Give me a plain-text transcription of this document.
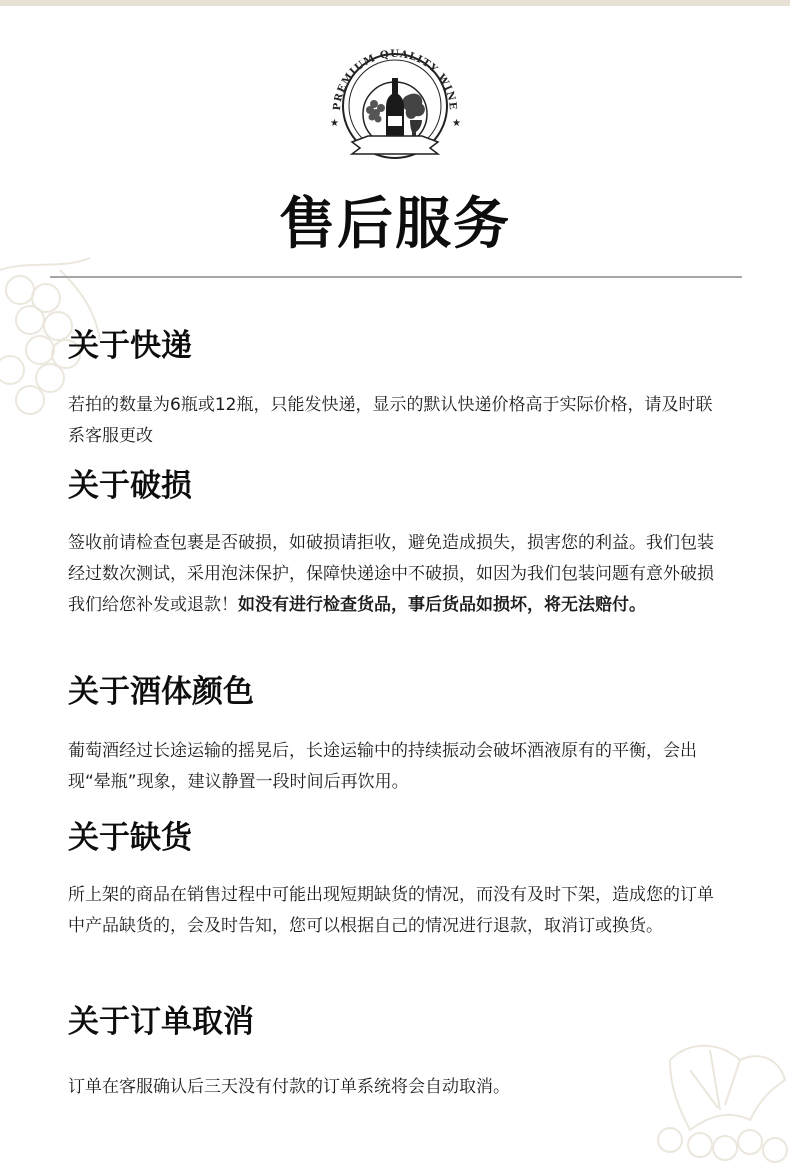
PREMIUM QUALITY WINE
★	★
售后服务
关于快递

若拍的数量为6瓶或12瓶，只能发快递，显示的默认快递价格高于实际价格，请及时联系客服更改

关于破损

签收前请检查包裹是否破损，如破损请拒收，避免造成损失，损害您的利益。我们包装经过数次测试，采用泡沫保护，保障快递途中不破损，如因为我们包装问题有意外破损我们给您补发或退款！如没有进行检查货品，事后货品如损坏，将无法赔付。

关于酒体颜色

葡萄酒经过长途运输的摇晃后，长途运输中的持续振动会破坏酒液原有的平衡，会出现“晕瓶”现象，建议静置一段时间后再饮用。

关于缺货

所上架的商品在销售过程中可能出现短期缺货的情况，而没有及时下架，造成您的订单中产品缺货的，会及时告知，您可以根据自己的情况进行退款，取消订或换货。

关于订单取消

订单在客服确认后三天没有付款的订单系统将会自动取消。
